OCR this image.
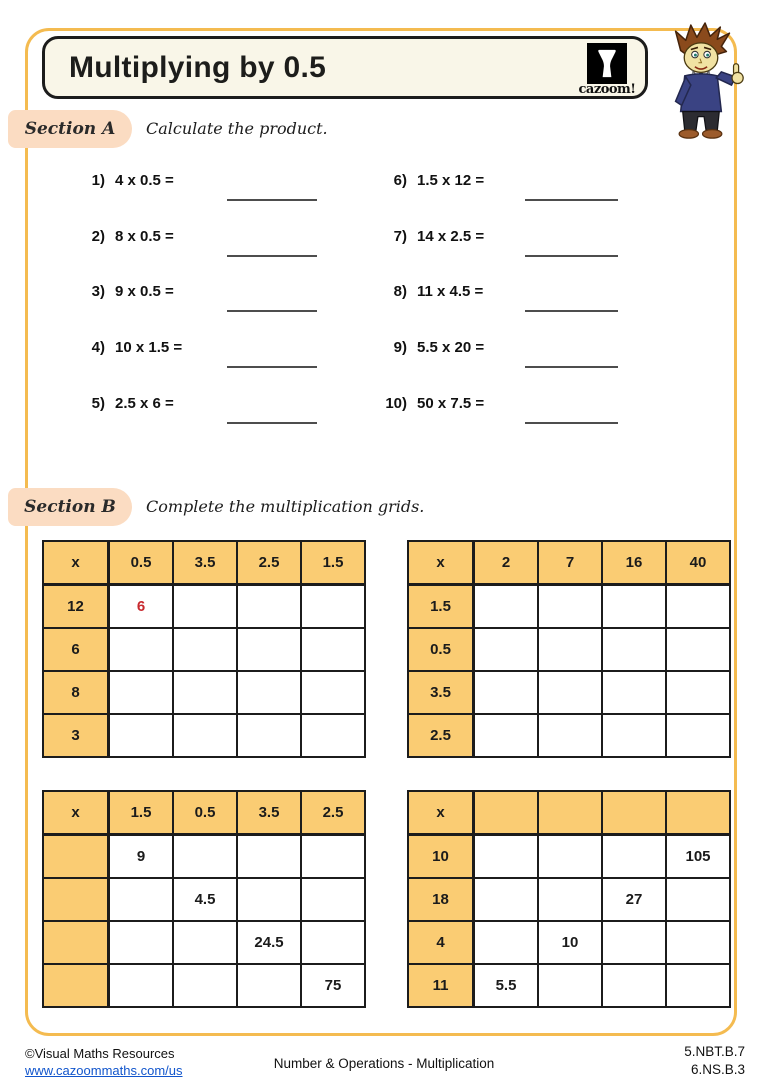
Multiplying by 0.5
cazoom!
Section A Calculate the product.
1) 4 x 0.5 =
2) 8 x 0.5 =
3) 9 x 0.5 =
4) 10 x 1.5 =
5) 2.5 x 6 =
6) 1.5 x 12 =
7) 14 x 2.5 =
8) 11 x 4.5 =
9) 5.5 x 20 =
10) 50 x 7.5 =
Section B Complete the multiplication grids.
x	0.5	3.5	2.5	1.5
12	6			
6				
8				
3				
x	2	7	16	40
1.5				
0.5				
3.5				
2.5				
x	1.5	0.5	3.5	2.5
	9			
		4.5		
			24.5	
				75
x				
10				105
18			27	
4		10		
11	5.5			
©Visual Maths Resources
www.cazoommaths.com/us	Number & Operations - Multiplication
5.NBT.B.7
6.NS.B.3
